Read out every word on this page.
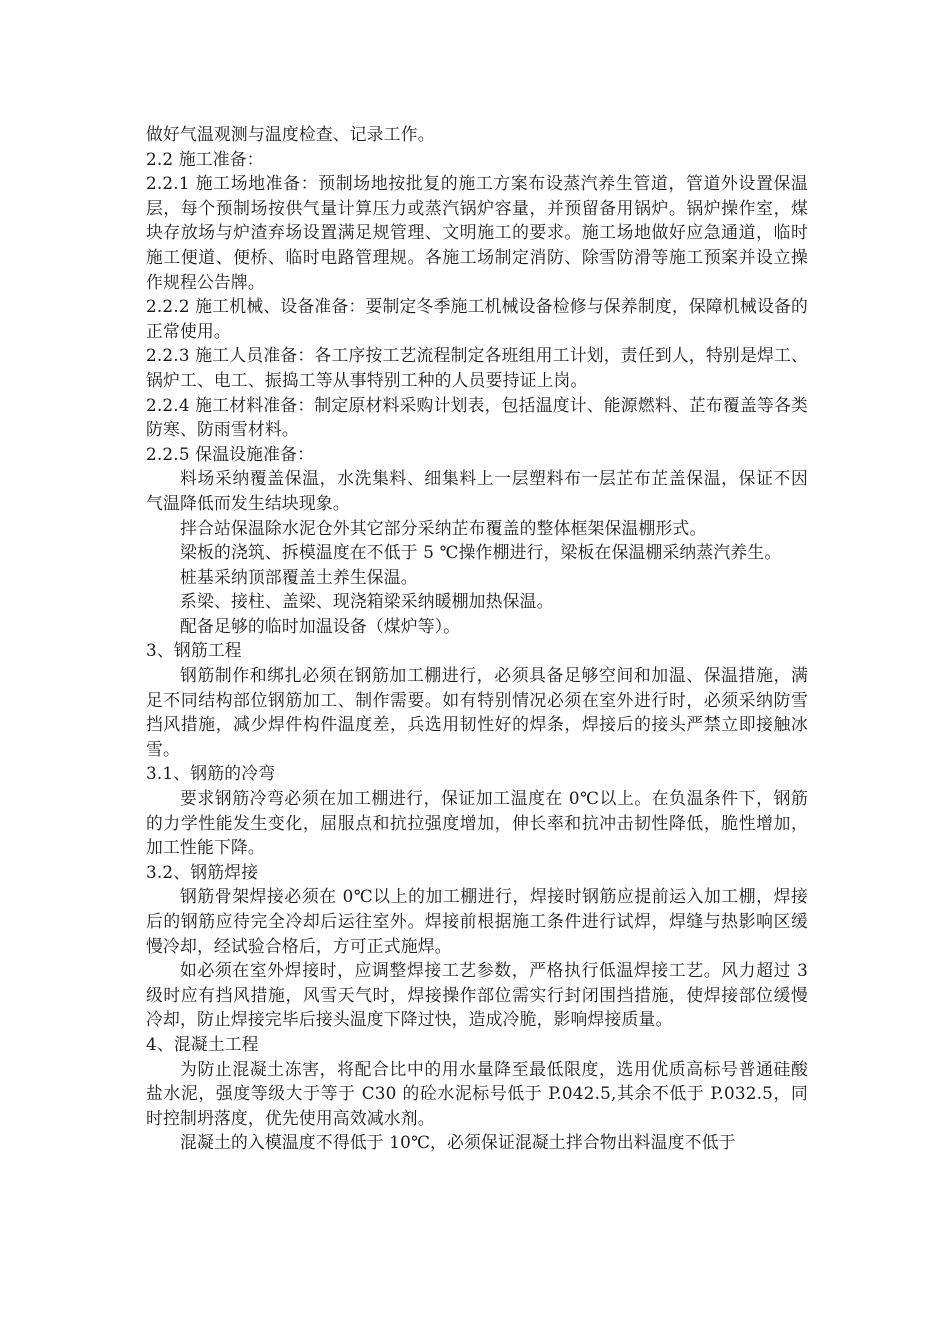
做好气温观测与温度检查、记录工作。

2.2 施工准备：

2.2.1 施工场地准备：预制场地按批复的施工方案布设蒸汽养生管道，管道外设置保温层，每个预制场按供气量计算压力或蒸汽锅炉容量，并预留备用锅炉。锅炉操作室，煤块存放场与炉渣弃场设置满足规管理、文明施工的要求。施工场地做好应急通道，临时施工便道、便桥、临时电路管理规。各施工场制定消防、除雪防滑等施工预案并设立操作规程公告牌。

2.2.2 施工机械、设备准备：要制定冬季施工机械设备检修与保养制度，保障机械设备的正常使用。

2.2.3 施工人员准备：各工序按工艺流程制定各班组用工计划，责任到人，特别是焊工、锅炉工、电工、振捣工等从事特别工种的人员要持证上岗。

2.2.4 施工材料准备：制定原材料采购计划表，包括温度计、能源燃料、芷布覆盖等各类防寒、防雨雪材料。

2.2.5 保温设施准备：

料场采纳覆盖保温，水洗集料、细集料上一层塑料布一层芷布芷盖保温，保证不因气温降低而发生结块现象。

拌合站保温除水泥仓外其它部分采纳芷布覆盖的整体框架保温棚形式。

梁板的浇筑、拆模温度在不低于 5 ℃操作棚进行，梁板在保温棚采纳蒸汽养生。

桩基采纳顶部覆盖土养生保温。

系梁、接柱、盖梁、现浇箱梁采纳暖棚加热保温。

配备足够的临时加温设备（煤炉等）。

3、钢筋工程

钢筋制作和绑扎必须在钢筋加工棚进行，必须具备足够空间和加温、保温措施，满足不同结构部位钢筋加工、制作需要。如有特别情况必须在室外进行时，必须采纳防雪挡风措施，减少焊件构件温度差，兵选用韧性好的焊条，焊接后的接头严禁立即接触冰雪。

3.1、钢筋的冷弯

要求钢筋冷弯必须在加工棚进行，保证加工温度在 0℃以上。在负温条件下，钢筋的力学性能发生变化，屈服点和抗拉强度增加，伸长率和抗冲击韧性降低，脆性增加，加工性能下降。

3.2、钢筋焊接

钢筋骨架焊接必须在 0℃以上的加工棚进行，焊接时钢筋应提前运入加工棚，焊接后的钢筋应待完全冷却后运往室外。焊接前根据施工条件进行试焊，焊缝与热影响区缓慢冷却，经试验合格后，方可正式施焊。

如必须在室外焊接时，应调整焊接工艺参数，严格执行低温焊接工艺。风力超过 3 级时应有挡风措施，风雪天气时，焊接操作部位需实行封闭围挡措施，使焊接部位缓慢冷却，防止焊接完毕后接头温度下降过快，造成冷脆，影响焊接质量。

4、混凝土工程

为防止混凝土冻害，将配合比中的用水量降至最低限度，选用优质高标号普通硅酸盐水泥，强度等级大于等于 C30 的砼水泥标号低于 P.042.5,其余不低于 P.032.5，同时控制坍落度，优先使用高效减水剂。

混凝土的入模温度不得低于 10℃，必须保证混凝土拌合物出料温度不低于
